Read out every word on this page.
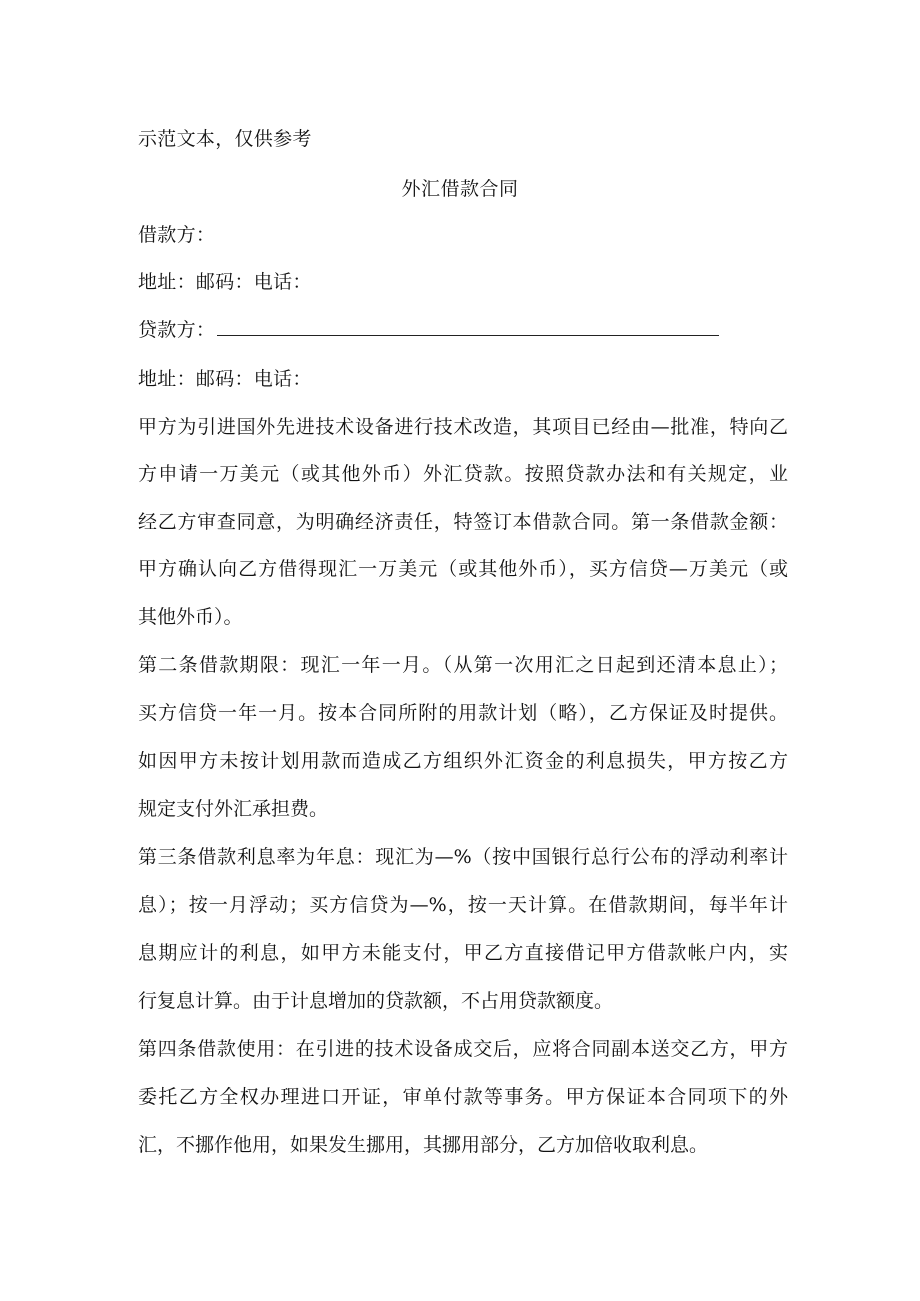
示范文本，仅供参考
外汇借款合同
借款方：
地址：邮码：电话：
贷款方：
地址：邮码：电话：
甲方为引进国外先进技术设备进行技术改造，其项目已经由—批准，特向乙
方申请一万美元（或其他外币）外汇贷款。按照贷款办法和有关规定，业
经乙方审查同意，为明确经济责任，特签订本借款合同。第一条借款金额：
甲方确认向乙方借得现汇一万美元（或其他外币），买方信贷—万美元（或
其他外币）。
第二条借款期限：现汇一年一月。（从第一次用汇之日起到还清本息止）；
买方信贷一年一月。按本合同所附的用款计划（略），乙方保证及时提供。
如因甲方未按计划用款而造成乙方组织外汇资金的利息损失，甲方按乙方
规定支付外汇承担费。
第三条借款利息率为年息：现汇为—%（按中国银行总行公布的浮动利率计
息）；按一月浮动；买方信贷为—%，按一天计算。在借款期间，每半年计
息期应计的利息，如甲方未能支付，甲乙方直接借记甲方借款帐户内，实
行复息计算。由于计息增加的贷款额，不占用贷款额度。
第四条借款使用：在引进的技术设备成交后，应将合同副本送交乙方，甲方
委托乙方全权办理进口开证，审单付款等事务。甲方保证本合同项下的外
汇，不挪作他用，如果发生挪用，其挪用部分，乙方加倍收取利息。
